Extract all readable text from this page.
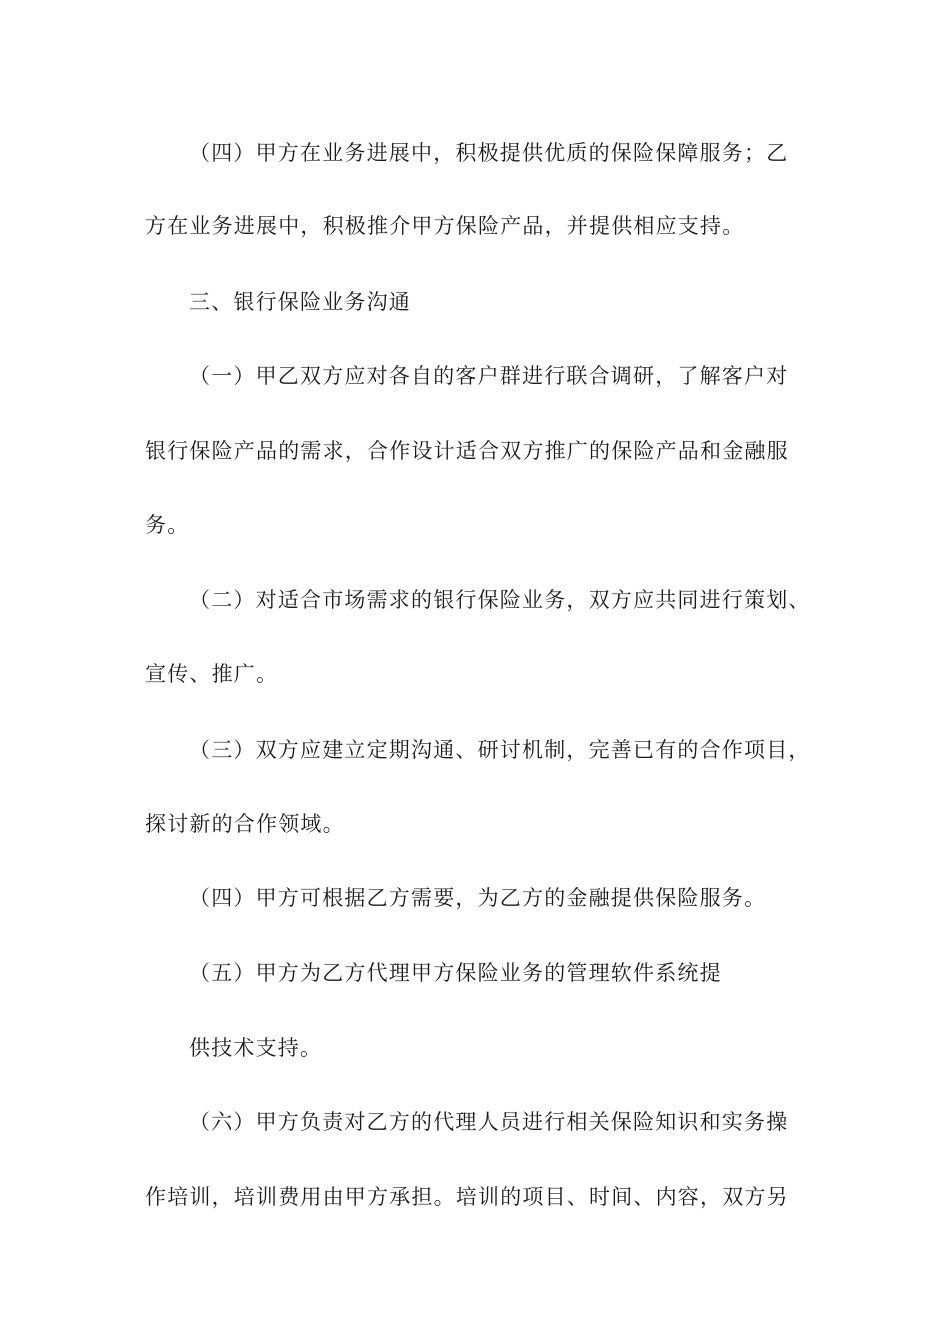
（四）甲方在业务进展中，积极提供优质的保险保障服务；乙
方在业务进展中，积极推介甲方保险产品，并提供相应支持。
三、银行保险业务沟通
（一）甲乙双方应对各自的客户群进行联合调研，了解客户对
银行保险产品的需求，合作设计适合双方推广的保险产品和金融服
务。
（二）对适合市场需求的银行保险业务，双方应共同进行策划、
宣传、推广。
（三）双方应建立定期沟通、研讨机制，完善已有的合作项目，
探讨新的合作领域。
（四）甲方可根据乙方需要，为乙方的金融提供保险服务。
（五）甲方为乙方代理甲方保险业务的管理软件系统提
供技术支持。
（六）甲方负责对乙方的代理人员进行相关保险知识和实务操
作培训，培训费用由甲方承担。培训的项目、时间、内容，双方另
